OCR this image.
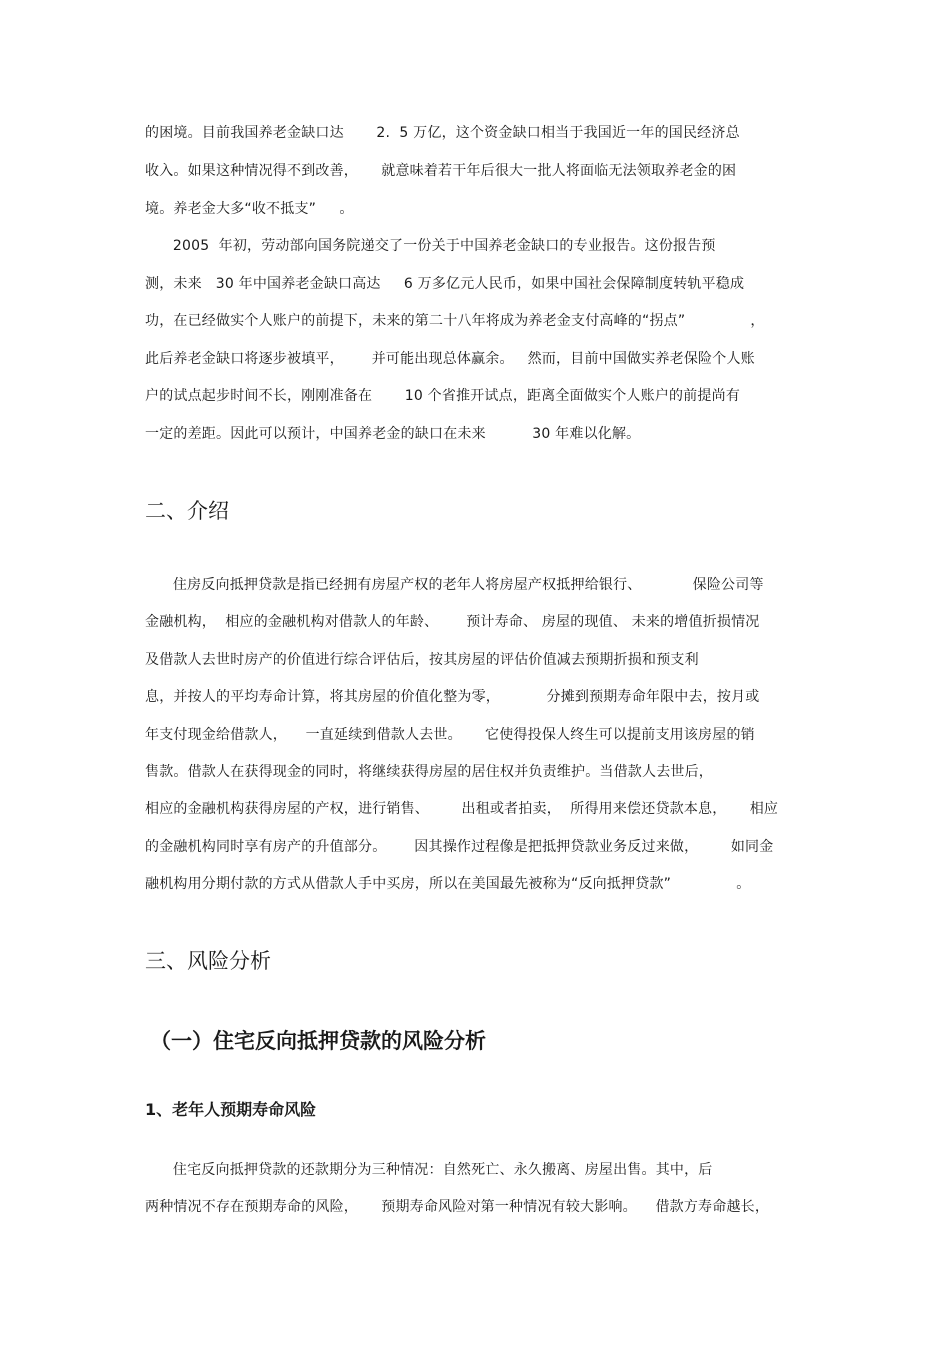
的困境。目前我国养老金缺口达       2.  5 万亿，这个资金缺口相当于我国近一年的国民经济总
收入。如果这种情况得不到改善，     就意味着若干年后很大一批人将面临无法领取养老金的困
境。养老金大多“收不抵支”     。
2005  年初，劳动部向国务院递交了一份关于中国养老金缺口的专业报告。这份报告预
测，未来   30 年中国养老金缺口高达     6 万多亿元人民币，如果中国社会保障制度转轨平稳成
功，在已经做实个人账户的前提下，未来的第二十八年将成为养老金支付高峰的“拐点”              ，
此后养老金缺口将逐步被填平，      并可能出现总体赢余。   然而，目前中国做实养老保险个人账
户的试点起步时间不长，刚刚准备在       10 个省推开试点，距离全面做实个人账户的前提尚有
一定的差距。因此可以预计，中国养老金的缺口在未来          30 年难以化解。
二、介绍
住房反向抵押贷款是指已经拥有房屋产权的老年人将房屋产权抵押给银行、           保险公司等
金融机构，  相应的金融机构对借款人的年龄、      预计寿命、 房屋的现值、 未来的增值折损情况
及借款人去世时房产的价值进行综合评估后，按其房屋的评估价值减去预期折损和预支利
息，并按人的平均寿命计算，将其房屋的价值化整为零，          分摊到预期寿命年限中去，按月或
年支付现金给借款人，    一直延续到借款人去世。     它使得投保人终生可以提前支用该房屋的销
售款。借款人在获得现金的同时，将继续获得房屋的居住权并负责维护。当借款人去世后，
相应的金融机构获得房屋的产权，进行销售、       出租或者拍卖，  所得用来偿还贷款本息，     相应
的金融机构同时享有房产的升值部分。      因其操作过程像是把抵押贷款业务反过来做，       如同金
融机构用分期付款的方式从借款人手中买房，所以在美国最先被称为“反向抵押贷款”              。
三、风险分析
（一）住宅反向抵押贷款的风险分析
1、老年人预期寿命风险
住宅反向抵押贷款的还款期分为三种情况：自然死亡、永久搬离、房屋出售。其中，后
两种情况不存在预期寿命的风险，     预期寿命风险对第一种情况有较大影响。    借款方寿命越长，
